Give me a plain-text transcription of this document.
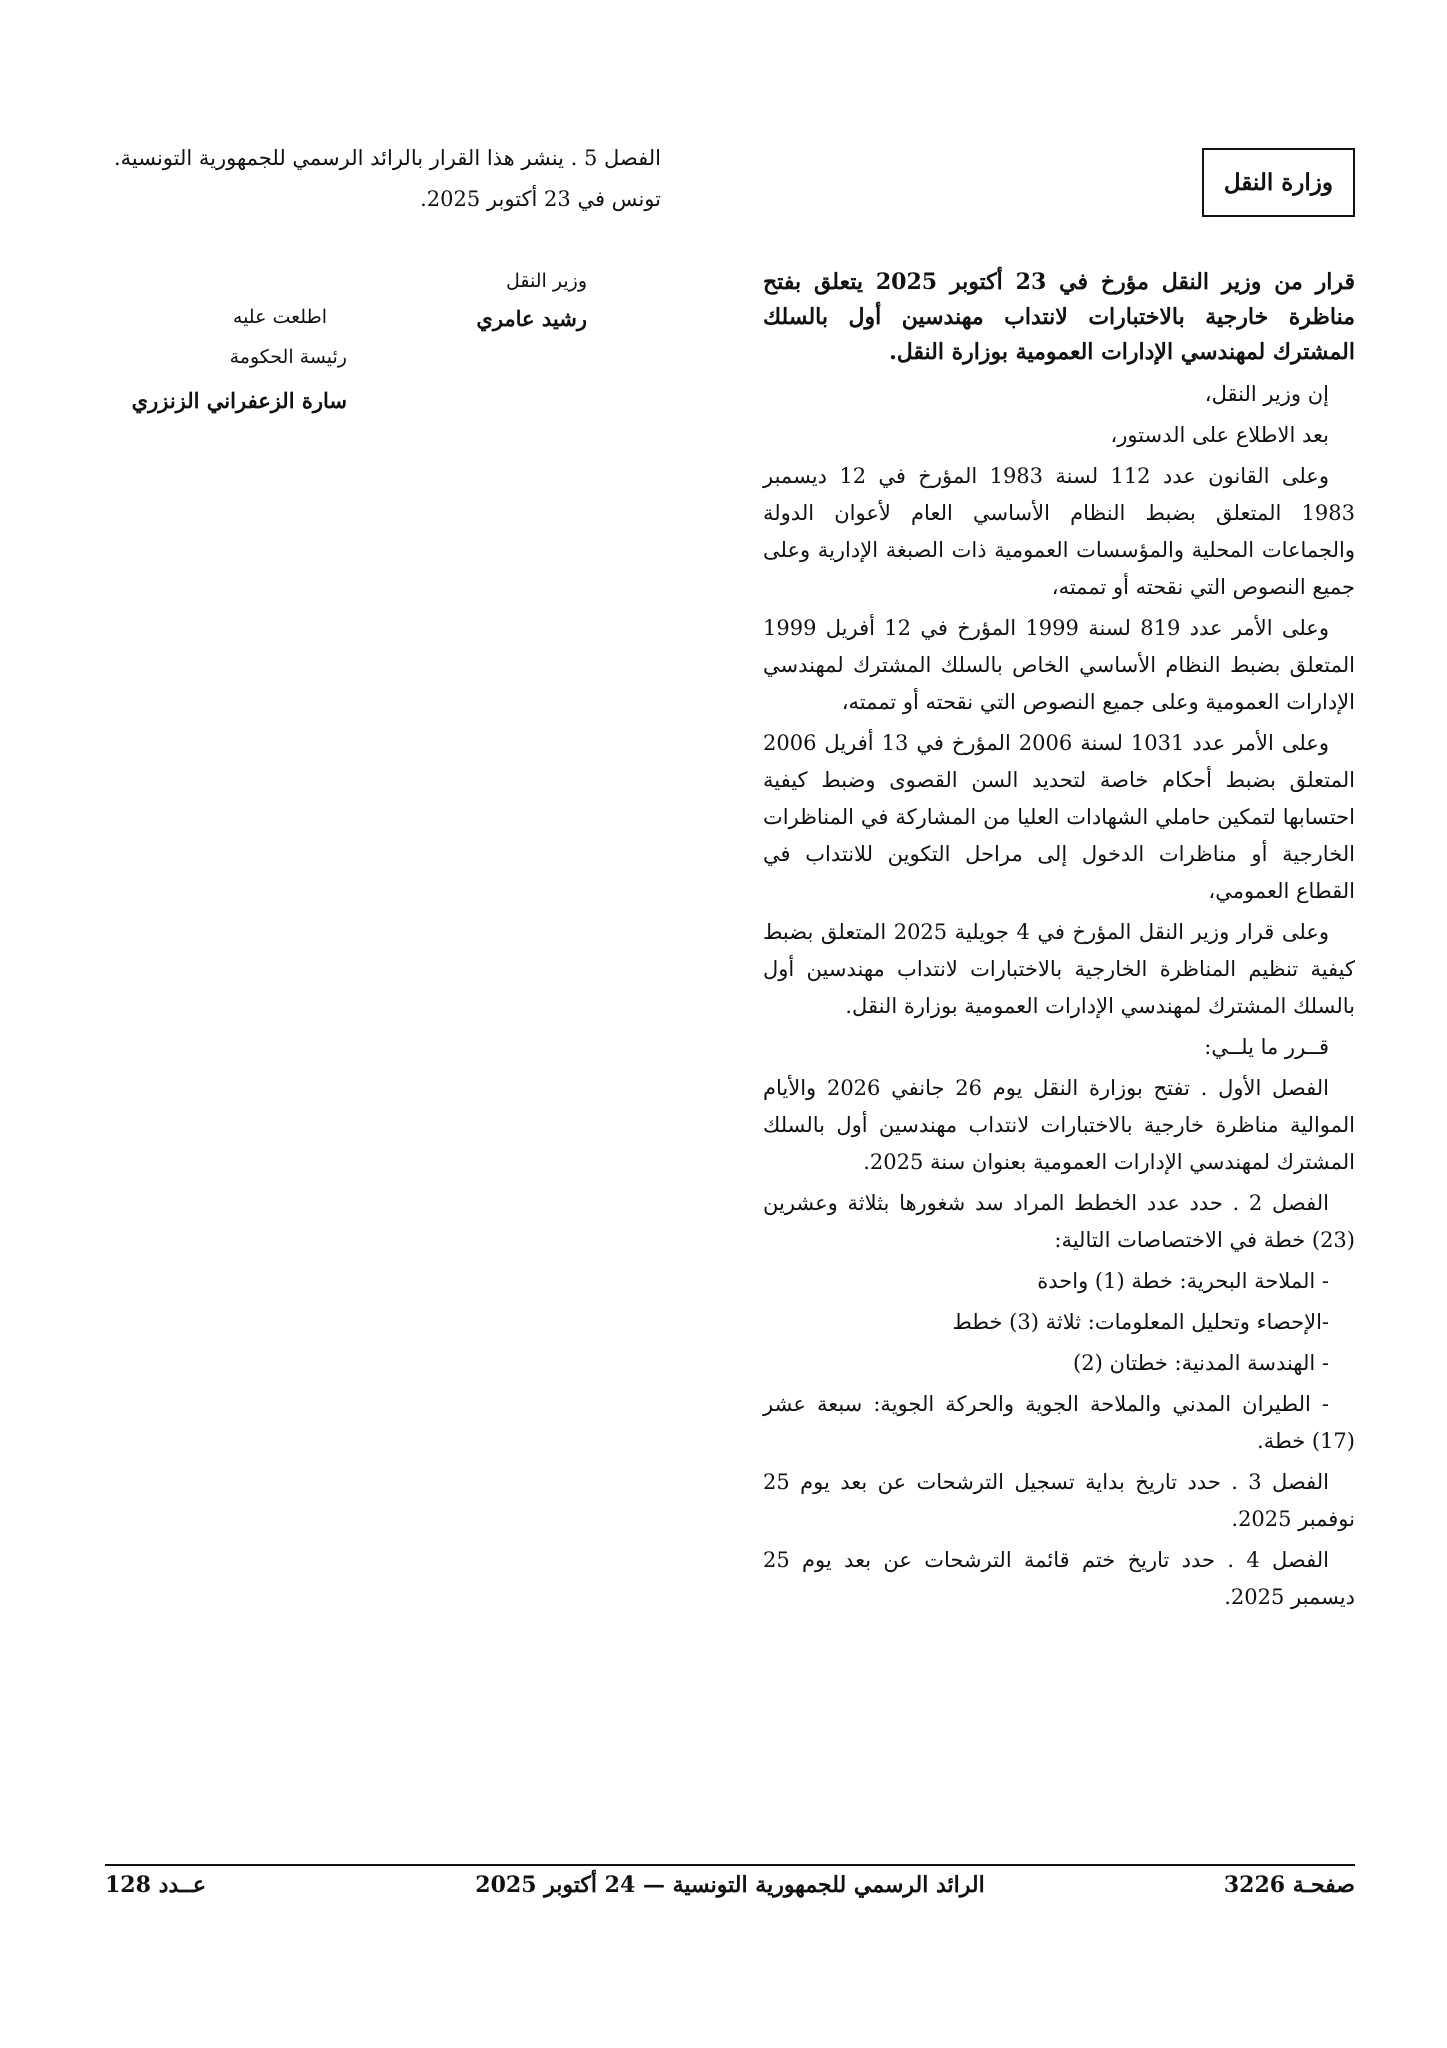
وزارة النقل

قرار من وزير النقل مؤرخ في 23 أكتوبر 2025 يتعلق بفتح مناظرة خارجية بالاختبارات لانتداب مهندسين أول بالسلك المشترك لمهندسي الإدارات العمومية بوزارة النقل.

إن وزير النقل،

بعد الاطلاع على الدستور،

وعلى القانون عدد 112 لسنة 1983 المؤرخ في 12 ديسمبر 1983 المتعلق بضبط النظام الأساسي العام لأعوان الدولة والجماعات المحلية والمؤسسات العمومية ذات الصبغة الإدارية وعلى جميع النصوص التي نقحته أو تممته،

وعلى الأمر عدد 819 لسنة 1999 المؤرخ في 12 أفريل 1999 المتعلق بضبط النظام الأساسي الخاص بالسلك المشترك لمهندسي الإدارات العمومية وعلى جميع النصوص التي نقحته أو تممته،

وعلى الأمر عدد 1031 لسنة 2006 المؤرخ في 13 أفريل 2006 المتعلق بضبط أحكام خاصة لتحديد السن القصوى وضبط كيفية احتسابها لتمكين حاملي الشهادات العليا من المشاركة في المناظرات الخارجية أو مناظرات الدخول إلى مراحل التكوين للانتداب في القطاع العمومي،

وعلى قرار وزير النقل المؤرخ في 4 جويلية 2025 المتعلق بضبط كيفية تنظيم المناظرة الخارجية بالاختبارات لانتداب مهندسين أول بالسلك المشترك لمهندسي الإدارات العمومية بوزارة النقل.

قــرر ما يلــي:

الفصل الأول . تفتح بوزارة النقل يوم 26 جانفي 2026 والأيام الموالية مناظرة خارجية بالاختبارات لانتداب مهندسين أول بالسلك المشترك لمهندسي الإدارات العمومية بعنوان سنة 2025.

الفصل 2 . حدد عدد الخطط المراد سد شغورها بثلاثة وعشرين (23) خطة في الاختصاصات التالية:

- الملاحة البحرية: خطة (1) واحدة

-الإحصاء وتحليل المعلومات: ثلاثة (3) خطط

- الهندسة المدنية: خطتان (2)

- الطيران المدني والملاحة الجوية والحركة الجوية: سبعة عشر (17) خطة.

الفصل 3 . حدد تاريخ بداية تسجيل الترشحات عن بعد يوم 25 نوفمبر 2025.

الفصل 4 . حدد تاريخ ختم قائمة الترشحات عن بعد يوم 25 ديسمبر 2025.

الفصل 5 . ينشر هذا القرار بالرائد الرسمي للجمهورية التونسية.

تونس في 23 أكتوبر 2025.

وزير النقل
رشيد عامري
اطلعت عليه
رئيسة الحكومة
سارة الزعفراني الزنزري
صفحـة 3226
الرائد الرسمي للجمهورية التونسية — 24 أكتوبر 2025
عــدد 128
